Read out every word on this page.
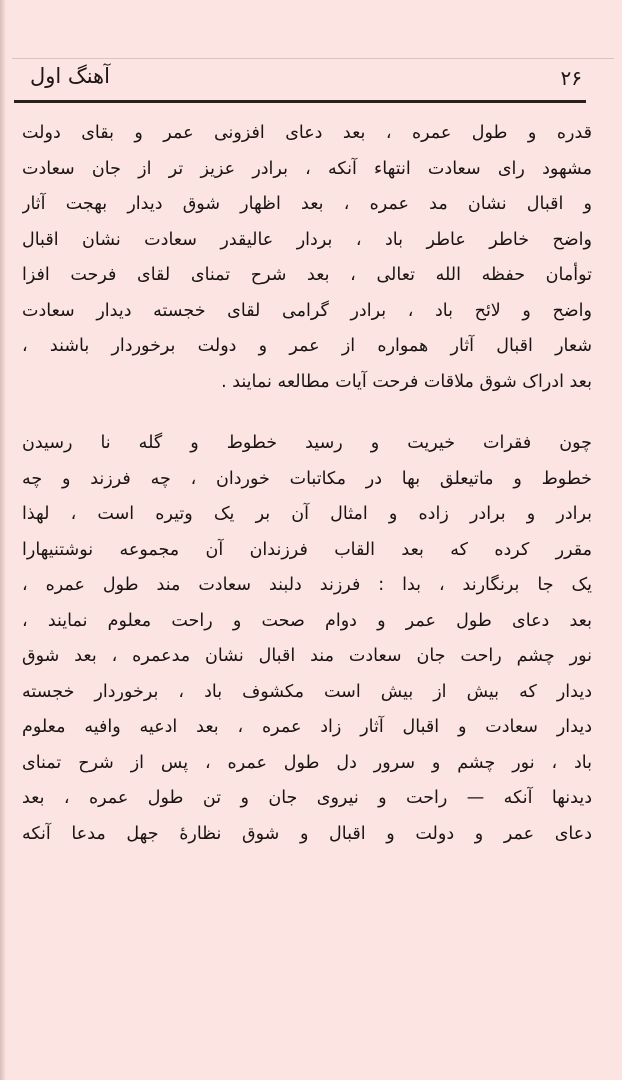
آهنگ اول	۲۶
قدره و طول عمره ، بعد دعای افزونی عمر و بقای دولت
مشهود رای سعادت انتهاء آنکه ، برادر عزیز تر از جان سعادت
و اقبال نشان مد عمره ، بعد اظهار شوق دیدار بهجت آثار
واضح خاطر عاطر باد ، بردار عالیقدر سعادت نشان اقبال
توأمان حفظه الله تعالی ، بعد شرح تمنای لقای فرحت افزا
واضح و لائح باد ، برادر گرامی لقای خجسته دیدار سعادت
شعار اقبال آثار همواره از عمر و دولت برخوردار باشند ،
بعد ادراک شوق ملاقات فرحت آیات مطالعه نمایند .
چون فقرات خیریت و رسید خطوط و گله نا رسیدن
خطوط و ماتیعلق بها در مکاتبات خوردان ، چه فرزند و چه
برادر و برادر زاده و امثال آن بر یک وتیره است ، لهذا
مقرر کرده که بعد القاب فرزندان آن مجموعه نوشتنیهارا
یک جا برنگارند ، بدا : فرزند دلبند سعادت مند طول عمره ،
بعد دعای طول عمر و دوام صحت و راحت معلوم نمایند ،
نور چشم راحت جان سعادت مند اقبال نشان مدعمره ، بعد شوق
دیدار که بیش از بیش است مکشوف باد ، برخوردار خجسته
دیدار سعادت و اقبال آثار زاد عمره ، بعد ادعیه وافیه معلوم
باد ، نور چشم و سرور دل طول عمره ، پس از شرح تمنای
دیدنها آنکه — راحت و نیروی جان و تن طول عمره ، بعد
دعای عمر و دولت و اقبال و شوق نظارهٔ جهل مدعا آنکه
